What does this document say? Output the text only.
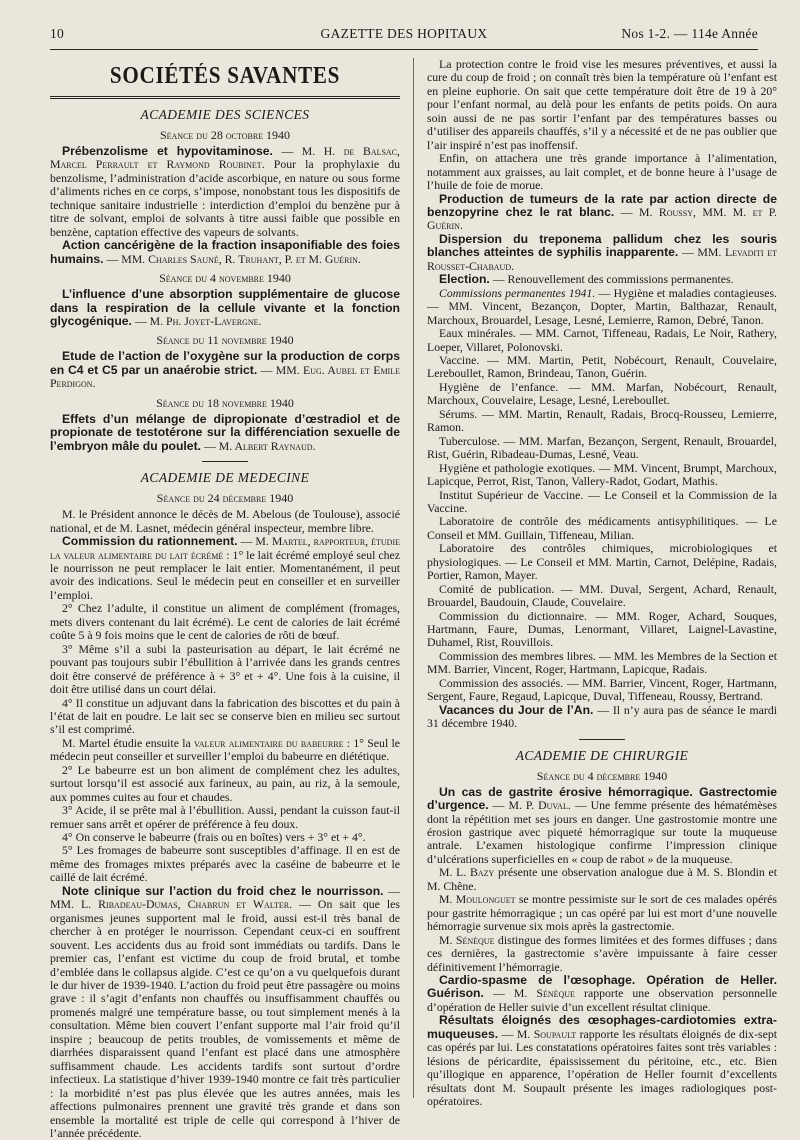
10	GAZETTE DES HOPITAUX	Nos 1-2. — 114e Année
SOCIÉTÉS SAVANTES
ACADEMIE DES SCIENCES
Séance du 28 octobre 1940

Prébenzolisme et hypovitaminose. — M. H. de Balsac, Marcel Perrault et Raymond Roubinet. Pour la prophylaxie du benzolisme, l’administration d’acide ascorbique, en nature ou sous forme d’aliments riches en ce corps, s’impose, nonobstant tous les dispositifs de technique sanitaire industrielle : interdiction d’emploi du benzène pur à titre de solvant, emploi de solvants à titre aussi faible que possible en benzène, captation effective des vapeurs de solvants.

Action cancérigène de la fraction insaponifiable des foies humains. — MM. Charles Sauné, R. Truhant, P. et M. Guérin.

Séance du 4 novembre 1940

L’influence d’une absorption supplémentaire de glucose dans la respiration de la cellule vivante et la fonction glycogénique. — M. Ph. Joyet-Lavergne.

Séance du 11 novembre 1940

Etude de l’action de l’oxygène sur la production de corps en C4 et C5 par un anaérobie strict. — MM. Eug. Aubel et Emile Perdigon.

Séance du 18 novembre 1940

Effets d’un mélange de dipropionate d’œstradiol et de propionate de testotérone sur la différenciation sexuelle de l’embryon mâle du poulet. — M. Albert Raynaud.

ACADEMIE DE MEDECINE
Séance du 24 décembre 1940

M. le Président annonce le décès de M. Abelous (de Toulouse), associé national, et de M. Lasnet, médecin général inspecteur, membre libre.

Commission du rationnement. — M. Martel, rapporteur, étudie la valeur alimentaire du lait écrémé : 1° le lait écrémé employé seul chez le nourrisson ne peut remplacer le lait entier. Momentanément, il peut avoir des indications. Seul le médecin peut en conseiller et en surveiller l’emploi.

2° Chez l’adulte, il constitue un aliment de complément (fromages, mets divers contenant du lait écrémé). Le cent de calories de lait écrémé coûte 5 à 9 fois moins que le cent de calories de rôti de bœuf.

3° Même s’il a subi la pasteurisation au départ, le lait écrémé ne pouvant pas toujours subir l’ébullition à l’arrivée dans les grands centres doit être conservé de préférence à + 3° et + 4°. Une fois à la cuisine, il doit être utilisé dans un court délai.

4° Il constitue un adjuvant dans la fabrication des biscottes et du pain à l’état de lait en poudre. Le lait sec se conserve bien en milieu sec surtout s’il est comprimé.

M. Martel étudie ensuite la valeur alimentaire du babeurre : 1° Seul le médecin peut conseiller et surveiller l’emploi du babeurre en diététique.

2° Le babeurre est un bon aliment de complément chez les adultes, surtout lorsqu’il est associé aux farineux, au pain, au riz, à la semoule, aux pommes cuites au four et chaudes.

3° Acide, il se prête mal à l’ébullition. Aussi, pendant la cuisson faut-il remuer sans arrêt et opérer de préférence à feu doux.

4° On conserve le babeurre (frais ou en boîtes) vers + 3° et + 4°.

5° Les fromages de babeurre sont susceptibles d’affinage. Il en est de même des fromages mixtes préparés avec la caséine de babeurre et le caillé de lait écrémé.

Note clinique sur l’action du froid chez le nourrisson. — MM. L. Ribadeau-Dumas, Chabrun et Walter. — On sait que les organismes jeunes supportent mal le froid, aussi est-il très banal de chercher à en protéger le nourrisson. Cependant ceux-ci en souffrent souvent. Les accidents dus au froid sont immédiats ou tardifs. Dans le premier cas, l’enfant est victime du coup de froid brutal, et tombe d’emblée dans le collapsus algide. C’est ce qu’on a vu quelquefois durant le dur hiver de 1939-1940. L’action du froid peut être passagère ou moins grave : il s’agit d’enfants non chauffés ou insuffisamment chauffés ou promenés malgré une température basse, ou tout simplement menés à la consultation. Même bien couvert l’enfant supporte mal l’air froid qu’il inspire ; beaucoup de petits troubles, de vomissements et même de diarrhées disparaissent quand l’enfant est placé dans une atmosphère suffisamment chaude. Les accidents tardifs sont surtout d’ordre infectieux. La statistique d’hiver 1939-1940 montre ce fait très particulier : la morbidité n’est pas plus élevée que les autres années, mais les affections pulmonaires prennent une gravité très grande et dans son ensemble la mortalité est triple de celle qui correspond à l’hiver de l’année précédente.

La protection contre le froid vise les mesures préventives, et aussi la cure du coup de froid ; on connaît très bien la température où l’enfant est en pleine euphorie. On sait que cette température doit être de 19 à 20° pour l’enfant normal, au delà pour les enfants de petits poids. On aura soin aussi de ne pas sortir l’enfant par des températures basses ou d’utiliser des appareils chauffés, s’il y a nécessité et de ne pas oublier que l’air inspiré n’est pas inoffensif.

Enfin, on attachera une très grande importance à l’alimentation, notamment aux graisses, au lait complet, et de bonne heure à l’usage de l’huile de foie de morue.

Production de tumeurs de la rate par action directe de benzopyrine chez le rat blanc. — M. Roussy, MM. M. et P. Guérin.

Dispersion du treponema pallidum chez les souris blanches atteintes de syphilis inapparente. — MM. Levaditi et Rousset-Chabaud.

Election. — Renouvellement des commissions permanentes.

Commissions permanentes 1941. — Hygiène et maladies contagieuses. — MM. Vincent, Bezançon, Dopter, Martin, Balthazar, Renault, Marchoux, Brouardel, Lesage, Lesné, Lemierre, Ramon, Debré, Tanon.

Eaux minérales. — MM. Carnot, Tiffeneau, Radais, Le Noir, Rathery, Loeper, Villaret, Polonovski.

Vaccine. — MM. Martin, Petit, Nobécourt, Renault, Couvelaire, Lereboullet, Ramon, Brindeau, Tanon, Guérin.

Hygiène de l’enfance. — MM. Marfan, Nobécourt, Renault, Marchoux, Couvelaire, Lesage, Lesné, Lereboullet.

Sérums. — MM. Martin, Renault, Radais, Brocq-Rousseu, Lemierre, Ramon.

Tuberculose. — MM. Marfan, Bezançon, Sergent, Renault, Brouardel, Rist, Guérin, Ribadeau-Dumas, Lesné, Veau.

Hygiène et pathologie exotiques. — MM. Vincent, Brumpt, Marchoux, Lapicque, Perrot, Rist, Tanon, Vallery-Radot, Godart, Mathis.

Institut Supérieur de Vaccine. — Le Conseil et la Commission de la Vaccine.

Laboratoire de contrôle des médicaments antisyphilitiques. — Le Conseil et MM. Guillain, Tiffeneau, Milian.

Laboratoire des contrôles chimiques, microbiologiques et physiologiques. — Le Conseil et MM. Martin, Carnot, Delépine, Radais, Portier, Ramon, Mayer.

Comité de publication. — MM. Duval, Sergent, Achard, Renault, Brouardel, Baudouin, Claude, Couvelaire.

Commission du dictionnaire. — MM. Roger, Achard, Souques, Hartmann, Faure, Dumas, Lenormant, Villaret, Laignel-Lavastine, Duhamel, Rist, Rouvillois.

Commission des membres libres. — MM. les Membres de la Section et MM. Barrier, Vincent, Roger, Hartmann, Lapicque, Radais.

Commission des associés. — MM. Barrier, Vincent, Roger, Hartmann, Sergent, Faure, Regaud, Lapicque, Duval, Tiffeneau, Roussy, Bertrand.

Vacances du Jour de l’An. — Il n’y aura pas de séance le mardi 31 décembre 1940.

ACADEMIE DE CHIRURGIE
Séance du 4 décembre 1940

Un cas de gastrite érosive hémorragique. Gastrectomie d’urgence. — M. P. Duval. — Une femme présente des hématémèses dont la répétition met ses jours en danger. Une gastrostomie montre une érosion gastrique avec piqueté hémorragique sur toute la muqueuse antrale. L’examen histologique confirme l’impression clinique d’ulcérations superficielles en « coup de rabot » de la muqueuse.

M. L. Bazy présente une observation analogue due à M. S. Blondin et M. Chêne.

M. Moulonguet se montre pessimiste sur le sort de ces malades opérés pour gastrite hémorragique ; un cas opéré par lui est mort d’une nouvelle hémorragie survenue six mois après la gastrectomie.

M. Sénèque distingue des formes limitées et des formes diffuses ; dans ces dernières, la gastrectomie s’avère impuissante à faire cesser définitivement l’hémorragie.

Cardio-spasme de l’œsophage. Opération de Heller. Guérison. — M. Sénèque rapporte une observation personnelle d’opération de Heller suivie d’un excellent résultat clinique.

Résultats éloignés des œsophages-cardiotomies extra-muqueuses. — M. Soupault rapporte les résultats éloignés de dix-sept cas opérés par lui. Les constatations opératoires faites sont très variables : lésions de péricardite, épaississement du péritoine, etc., etc. Bien qu’illogique en apparence, l’opération de Heller fournit d’excellents résultats dont M. Soupault présente les images radiologiques post-opératoires.
